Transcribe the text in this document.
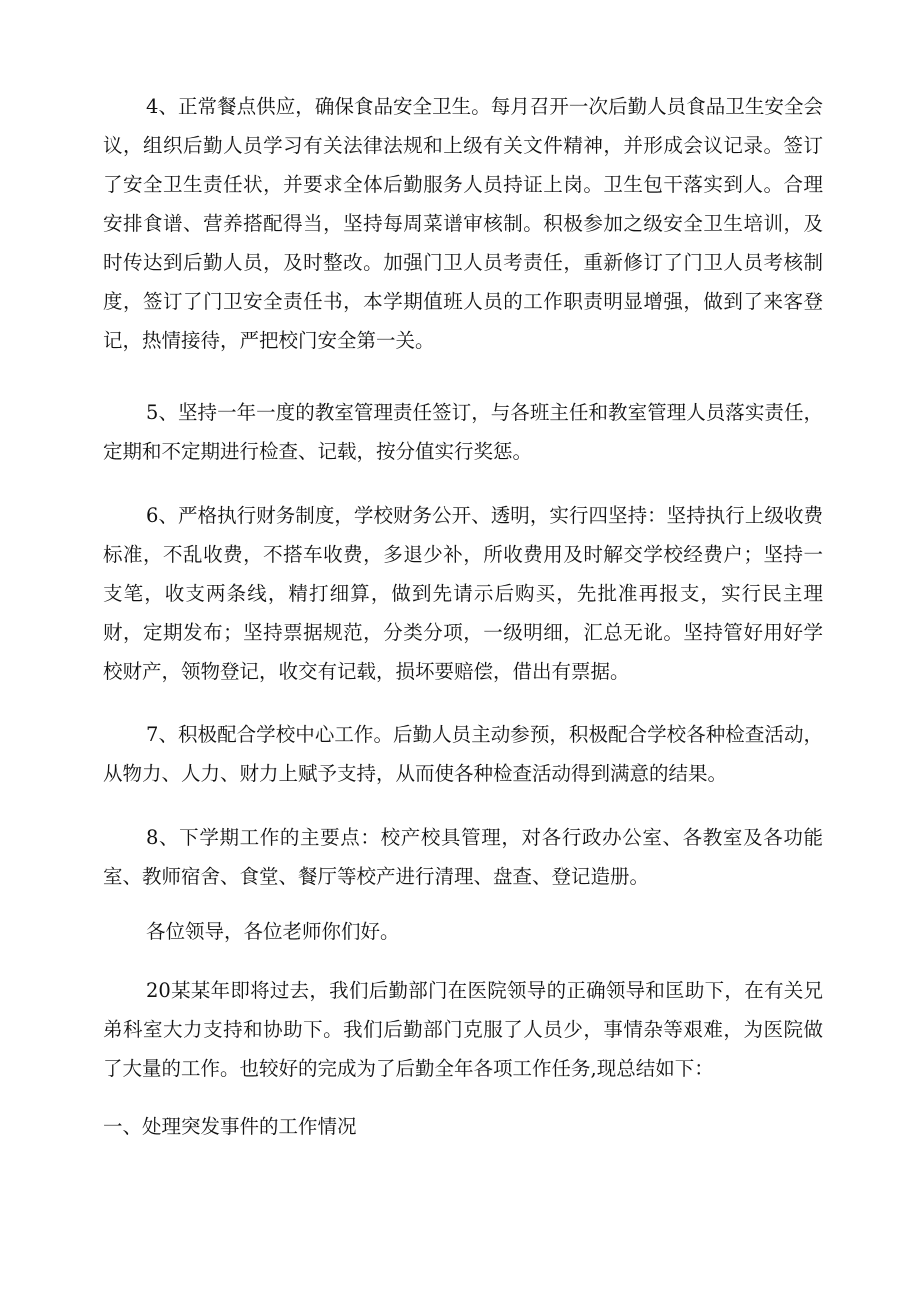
4、正常餐点供应，确保食品安全卫生。每月召开一次后勤人员食品卫生安全会议，组织后勤人员学习有关法律法规和上级有关文件精神，并形成会议记录。签订了安全卫生责任状，并要求全体后勤服务人员持证上岗。卫生包干落实到人。合理安排食谱、营养搭配得当，坚持每周菜谱审核制。积极参加之级安全卫生培训，及时传达到后勤人员，及时整改。加强门卫人员考责任，重新修订了门卫人员考核制度，签订了门卫安全责任书，本学期值班人员的工作职责明显增强，做到了来客登记，热情接待，严把校门安全第一关。

5、坚持一年一度的教室管理责任签订，与各班主任和教室管理人员落实责任，定期和不定期进行检查、记载，按分值实行奖惩。

6、严格执行财务制度，学校财务公开、透明，实行四坚持：坚持执行上级收费标准，不乱收费，不搭车收费，多退少补，所收费用及时解交学校经费户；坚持一支笔，收支两条线，精打细算，做到先请示后购买，先批准再报支，实行民主理财，定期发布；坚持票据规范，分类分项，一级明细，汇总无讹。坚持管好用好学校财产，领物登记，收交有记载，损坏要赔偿，借出有票据。

7、积极配合学校中心工作。后勤人员主动参预，积极配合学校各种检查活动，从物力、人力、财力上赋予支持，从而使各种检查活动得到满意的结果。

8、下学期工作的主要点：校产校具管理，对各行政办公室、各教室及各功能室、教师宿舍、食堂、餐厅等校产进行清理、盘查、登记造册。

各位领导，各位老师你们好。

20某某年即将过去，我们后勤部门在医院领导的正确领导和匡助下，在有关兄弟科室大力支持和协助下。我们后勤部门克服了人员少，事情杂等艰难，为医院做了大量的工作。也较好的完成为了后勤全年各项工作任务,现总结如下：

一、处理突发事件的工作情况
